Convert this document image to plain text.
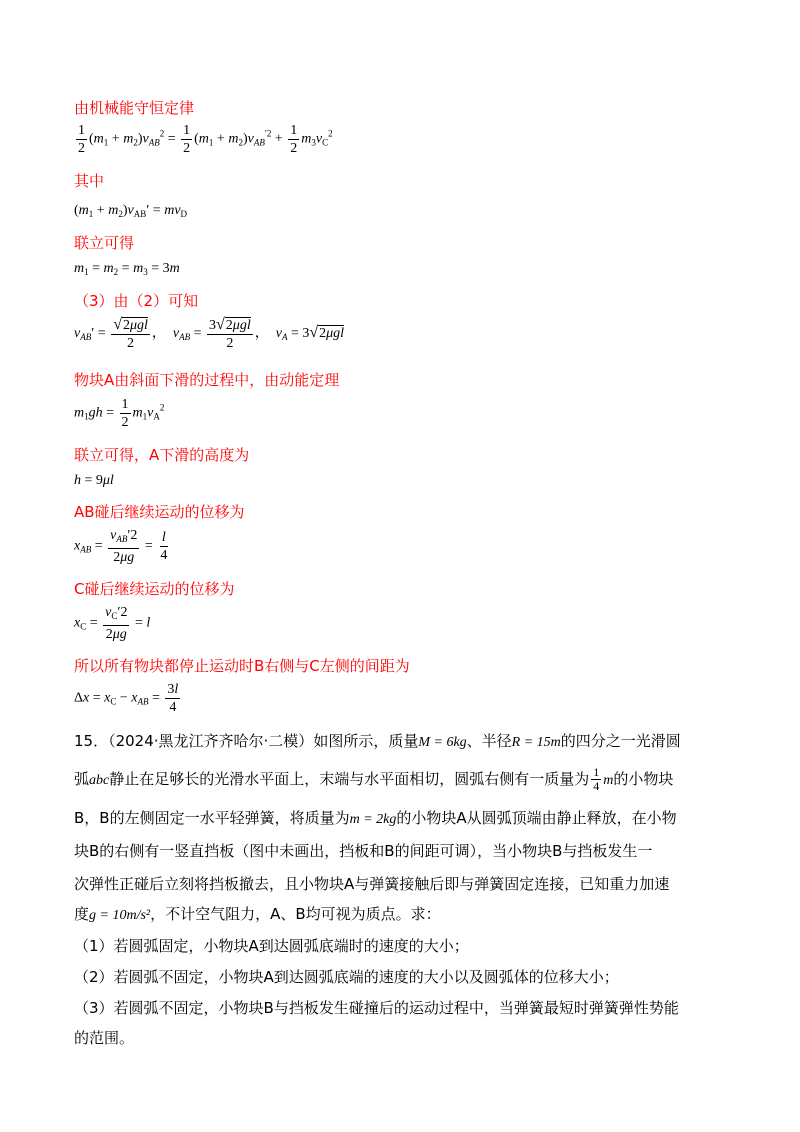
由机械能守恒定律
$\frac{1}{2} (m_1 + m_2)v_{AB}^2 = \frac{1}{2} (m_1 + m_2)v_{AB}^{'2} + \frac{1}{2} m_3v_C^2$
其中
$(m_1 + m_2)v_{AB}' = mv_D$
联立可得
$m_1 = m_2 = m_3 = 3m$
（3）由（2）可知
$v_{AB}' = \frac{\text{√2μgl}}{2}$ ，  $v_{AB} = \frac{\text{3√2μgl}}{2}$ ，  $v_A = 3√2\mu gl$
物块A由斜面下滑的过程中，由动能定理
$m_1gh = \frac{1}{2} m_1v_A^2$
联立可得，A下滑的高度为
h = 9μl
AB碰后继续运动的位移为
$x_{AB} = \frac{v_{AB}'2}{2\mu g} = \frac{l}{4}$
C碰后继续运动的位移为
$x_C = \frac{v_C'2}{2\mu g} = l$
所以所有物块都停止运动时B右侧与C左侧的间距为
$\Delta x = x_C - x_{AB} = \frac{3l}{4}$
15．（2024·黑龙江齐齐哈尔·二模）如图所示，质量M = 6kg、半径R = 15m的四分之一光滑圆
弧abc静止在足够长的光滑水平面上，末端与水平面相切，圆弧右侧有一质量为 $\frac{1}{4}$ m的小物块
B，B的左侧固定一水平轻弹簧，将质量为m = 2kg的小物块A从圆弧顶端由静止释放，在小物
块B的右侧有一竖直挡板（图中未画出，挡板和B的间距可调），当小物块B与挡板发生一
次弹性正碰后立刻将挡板撤去，且小物块A与弹簧接触后即与弹簧固定连接，已知重力加速
度g = 10m/s²，不计空气阻力，A、B均可视为质点。求：
（1）若圆弧固定，小物块A到达圆弧底端时的速度的大小；
（2）若圆弧不固定，小物块A到达圆弧底端的速度的大小以及圆弧体的位移大小；
（3）若圆弧不固定，小物块B与挡板发生碰撞后的运动过程中，当弹簧最短时弹簧弹性势能
的范围。
